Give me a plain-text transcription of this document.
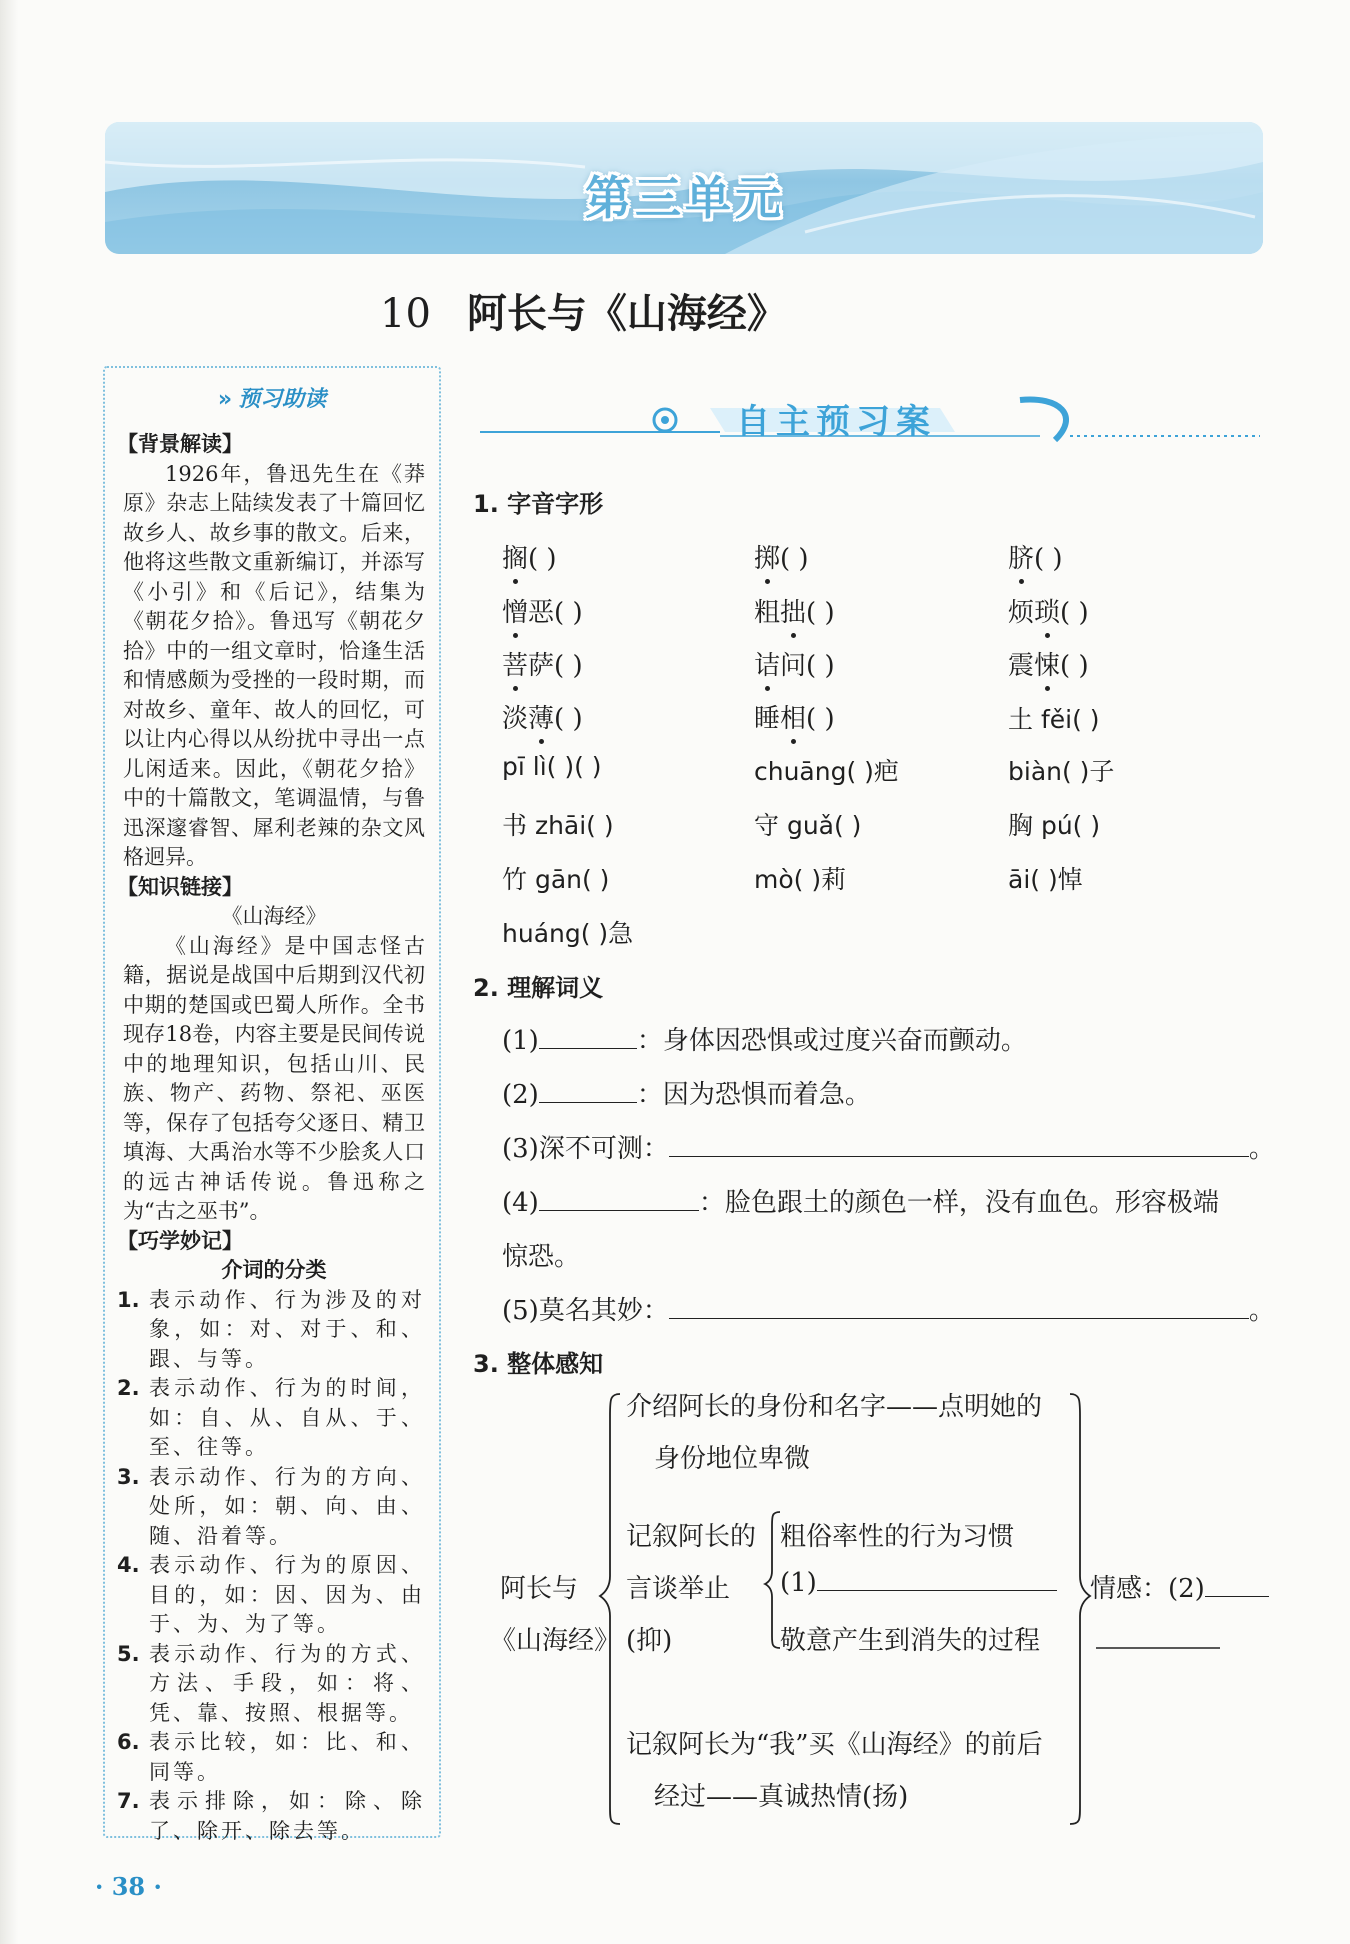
第三单元
10 阿长与《山海经》
» 预习助读
【背景解读】

1926年，鲁迅先生在《莽原》杂志上陆续发表了十篇回忆故乡人、故乡事的散文。后来，他将这些散文重新编订，并添写《小引》和《后记》，结集为《朝花夕拾》。鲁迅写《朝花夕拾》中的一组文章时，恰逢生活和情感颇为受挫的一段时期，而对故乡、童年、故人的回忆，可以让内心得以从纷扰中寻出一点儿闲适来。因此，《朝花夕拾》中的十篇散文，笔调温情，与鲁迅深邃睿智、犀利老辣的杂文风格迥异。

【知识链接】
《山海经》

《山海经》是中国志怪古籍，据说是战国中后期到汉代初中期的楚国或巴蜀人所作。全书现存18卷，内容主要是民间传说中的地理知识，包括山川、民族、物产、药物、祭祀、巫医等，保存了包括夸父逐日、精卫填海、大禹治水等不少脍炙人口的远古神话传说。鲁迅称之为“古之巫书”。

【巧学妙记】
介词的分类
1. 表示动作、行为涉及的对象，如：对、对于、和、跟、与等。
2. 表示动作、行为的时间，如：自、从、自从、于、至、往等。
3. 表示动作、行为的方向、处所，如：朝、向、由、随、沿着等。
4. 表示动作、行为的原因、目的，如：因、因为、由于、为、为了等。
5. 表示动作、行为的方式、方法、手段，如：将、凭、靠、按照、根据等。
6. 表示比较，如：比、和、同等。
7. 表示排除，如：除、除了、除开、除去等。
自主预习案
1. 字音字形
搁( )	掷( )	脐( )
憎恶( )	粗拙( )	烦琐( )
菩萨( )	诘问( )	震悚( )
淡薄( )	睡相( )	土 fěi( )
pī lì( )( )	chuāng( )疤	biàn( )子
书 zhāi( )	守 guǎ( )	胸 pú( )
竹 gān( )	mò( )莉	āi( )悼
huáng( )急
2. 理解词义
(1)	：身体因恐惧或过度兴奋而颤动。
(2)	：因为恐惧而着急。
(3)深不可测：	。
(4)	：脸色跟土的颜色一样，没有血色。形容极端
惊恐。
(5)莫名其妙：	。
3. 整体感知
阿长与
《山海经》
介绍阿长的身份和名字——点明她的
身份地位卑微
记叙阿长的
言谈举止
(抑)
粗俗率性的行为习惯
(1)
敬意产生到消失的过程
记叙阿长为“我”买《山海经》的前后
经过——真诚热情(扬)
情感：(2)
· 38 ·
